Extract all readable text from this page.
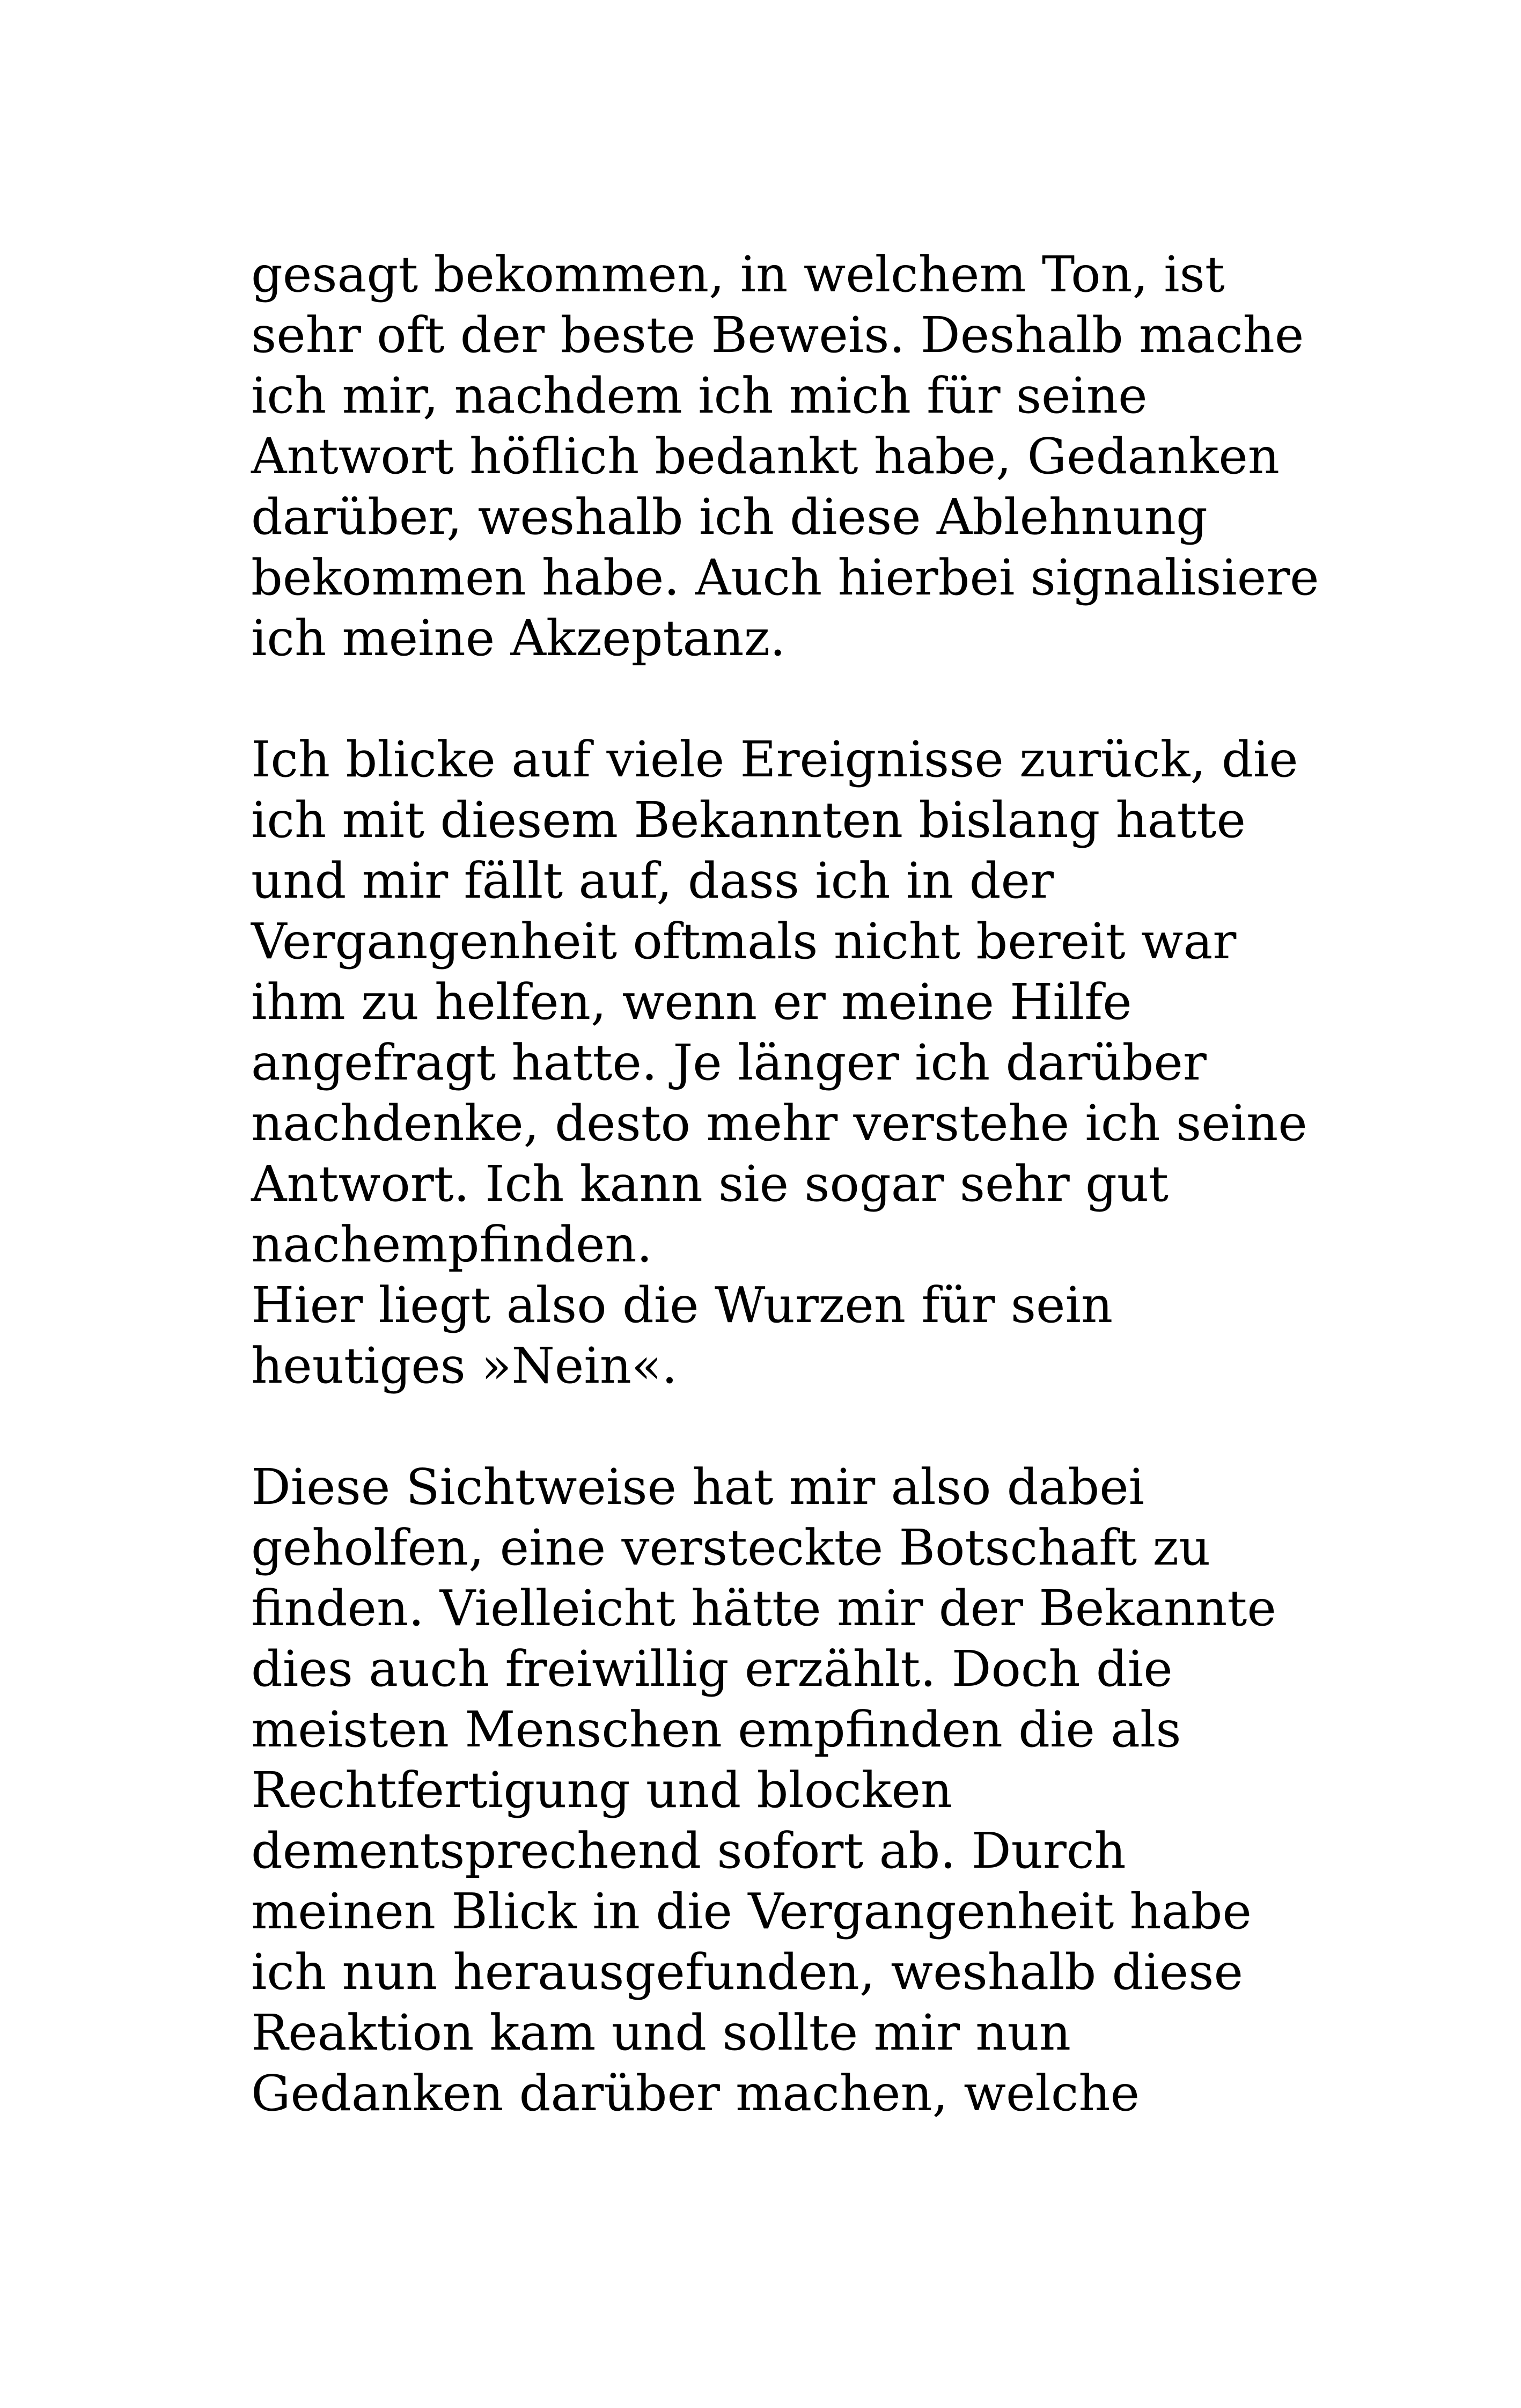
gesagt bekommen, in welchem Ton, ist
sehr oft der beste Beweis. Deshalb mache
ich mir, nachdem ich mich für seine
Antwort höflich bedankt habe, Gedanken
darüber, weshalb ich diese Ablehnung
bekommen habe. Auch hierbei signalisiere
ich meine Akzeptanz.

Ich blicke auf viele Ereignisse zurück, die
ich mit diesem Bekannten bislang hatte
und mir fällt auf, dass ich in der
Vergangenheit oftmals nicht bereit war
ihm zu helfen, wenn er meine Hilfe
angefragt hatte. Je länger ich darüber
nachdenke, desto mehr verstehe ich seine
Antwort. Ich kann sie sogar sehr gut
nachempfinden.
Hier liegt also die Wurzen für sein
heutiges »Nein«.

Diese Sichtweise hat mir also dabei
geholfen, eine versteckte Botschaft zu
finden. Vielleicht hätte mir der Bekannte
dies auch freiwillig erzählt. Doch die
meisten Menschen empfinden die als
Rechtfertigung und blocken
dementsprechend sofort ab. Durch
meinen Blick in die Vergangenheit habe
ich nun herausgefunden, weshalb diese
Reaktion kam und sollte mir nun
Gedanken darüber machen, welche
